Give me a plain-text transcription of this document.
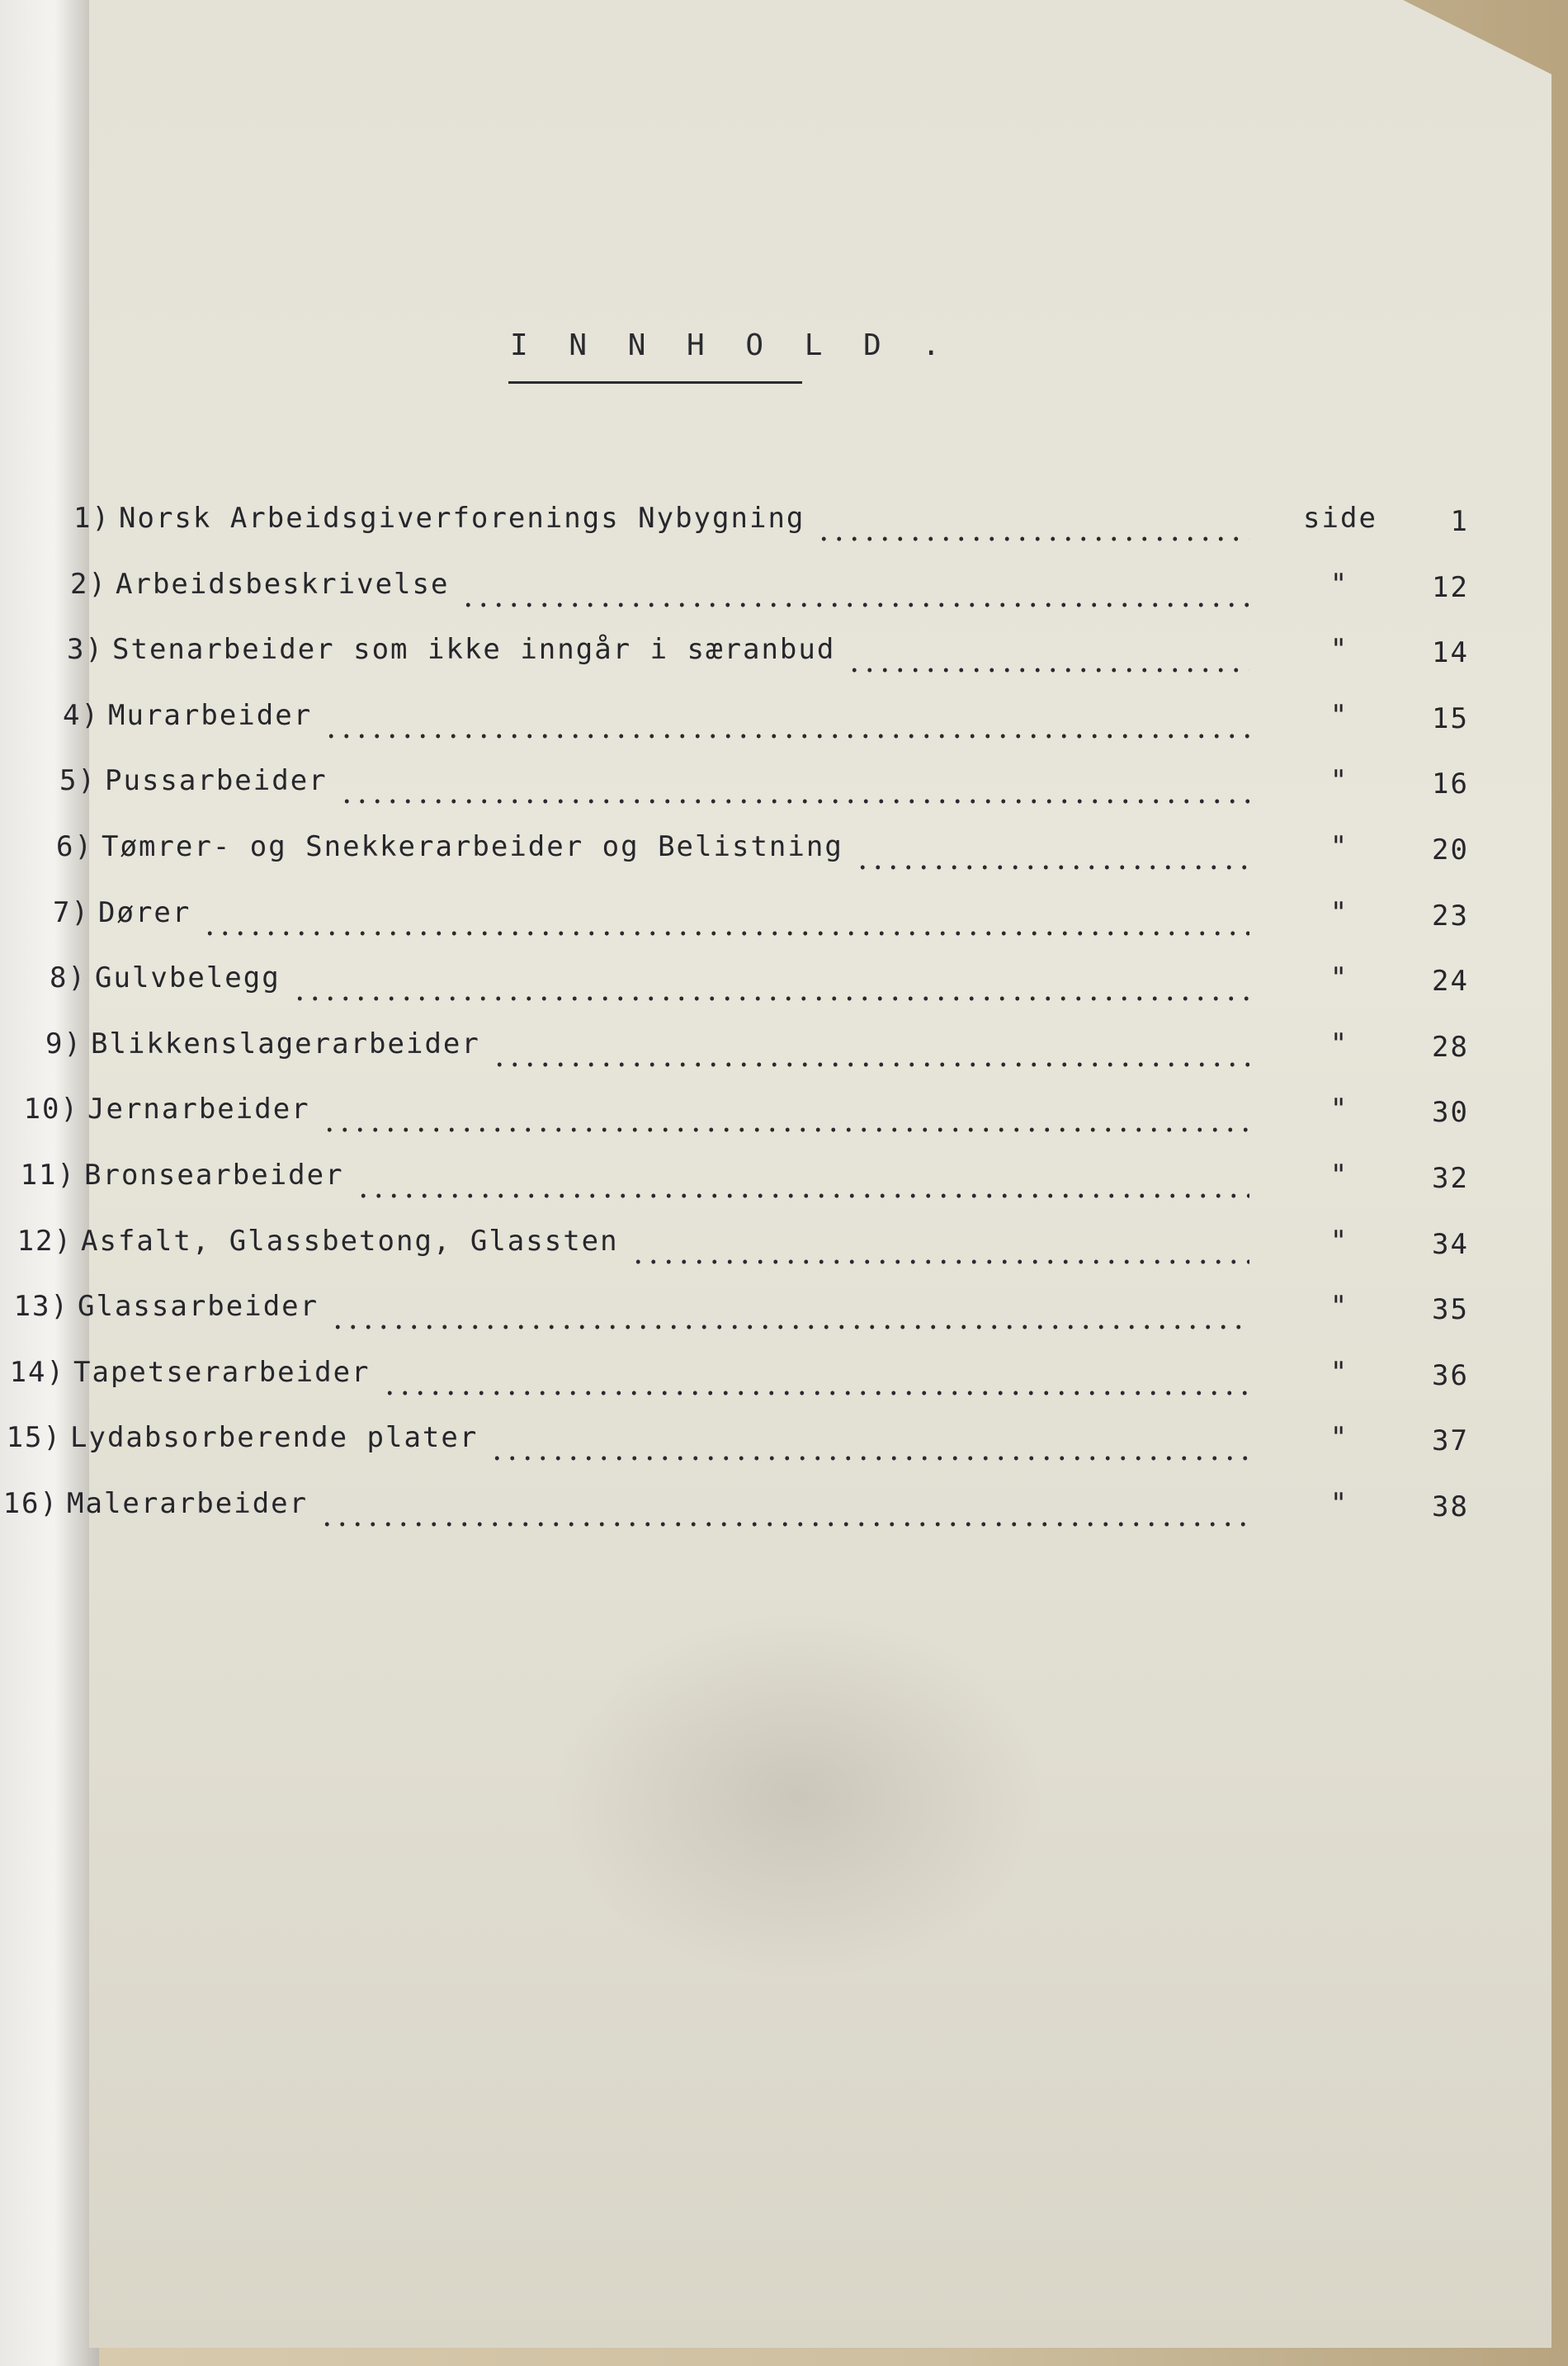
I N N H O L D .
1) Norsk Arbeidsgiverforenings Nybygning	side	1
2) Arbeidsbeskrivelse	"	12
3) Stenarbeider som ikke inngår i særanbud	"	14
4) Murarbeider	"	15
5) Pussarbeider	"	16
6) Tømrer- og Snekkerarbeider og Belistning	"	20
7) Dører	"	23
8) Gulvbelegg	"	24
9) Blikkenslagerarbeider	"	28
10) Jernarbeider	"	30
11) Bronsearbeider	"	32
12) Asfalt, Glassbetong, Glassten	"	34
13) Glassarbeider	"	35
14) Tapetserarbeider	"	36
15) Lydabsorberende plater	"	37
16) Malerarbeider	"	38
